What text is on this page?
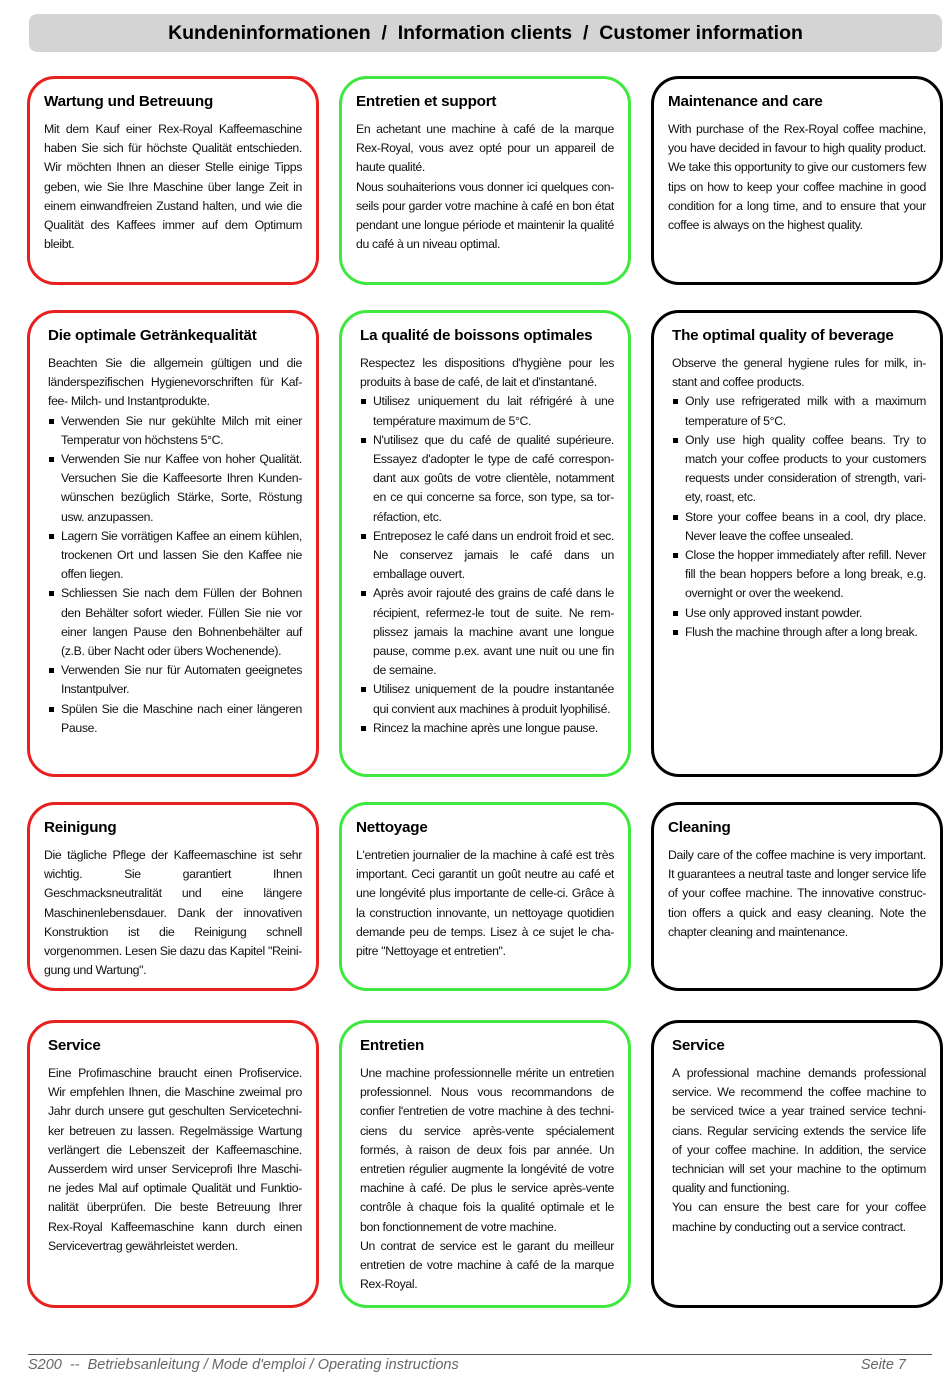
Kundeninformationen  /  Information clients  /  Customer information
Wartung und Betreuung

Mit dem Kauf einer Rex-Royal Kaffeemaschine haben Sie sich für höchste Qualität entschieden. Wir möchten Ihnen an dieser Stelle einige Tipps geben, wie Sie Ihre Maschine über lange Zeit in einem einwandfreien Zustand halten, und wie die Qualität des Kaffees immer auf dem Optimum bleibt.

Entretien et support

En achetant une machine à café de la marque Rex-Royal, vous avez opté pour un appareil de haute qualité.

Nous souhaiterions vous donner ici quelques con-seils pour garder votre machine à café en bon état pendant une longue période et maintenir la qualité du café à un niveau optimal.

Maintenance and care

With purchase of the Rex-Royal coffee machine, you have decided in favour to high quality product. We take this opportunity to give our customers few tips on how to keep your coffee machine in good condition for a long time, and to ensure that your coffee is always on the highest quality.

Die optimale Getränkequalität

Beachten Sie die allgemein gültigen und die länderspezifischen Hygienevorschriften für Kaf-fee- Milch- und Instantprodukte.

Verwenden Sie nur gekühlte Milch mit einer Temperatur von höchstens 5°C.
Verwenden Sie nur Kaffee von hoher Qualität. Versuchen Sie die Kaffeesorte Ihren Kunden-wünschen bezüglich Stärke, Sorte, Röstung usw. anzupassen.
Lagern Sie vorrätigen Kaffee an einem kühlen, trockenen Ort und lassen Sie den Kaffee nie offen liegen.
Schliessen Sie nach dem Füllen der Bohnen den Behälter sofort wieder. Füllen Sie nie vor einer langen Pause den Bohnenbehälter auf (z.B. über Nacht oder übers Wochenende).
Verwenden Sie nur für Automaten geeignetes Instantpulver.
Spülen Sie die Maschine nach einer längeren Pause.
La qualité de boissons optimales

Respectez les dispositions d'hygiène pour les produits à base de café, de lait et d'instantané.

Utilisez uniquement du lait réfrigéré à une température maximum de 5°C.
N'utilisez que du café de qualité supérieure. Essayez d'adopter le type de café correspon-dant aux goûts de votre clientèle, notamment en ce qui concerne sa force, son type, sa tor-réfaction, etc.
Entreposez le café dans un endroit froid et sec. Ne conservez jamais le café dans un emballage ouvert.
Après avoir rajouté des grains de café dans le récipient, refermez-le tout de suite. Ne rem-plissez jamais la machine avant une longue pause, comme p.ex. avant une nuit ou une fin de semaine.
Utilisez uniquement de la poudre instantanée qui convient aux machines à produit lyophilisé.
Rincez la machine après une longue pause.
The optimal quality of beverage

Observe the general hygiene rules for milk, in-stant and coffee products.

Only use refrigerated milk with a maximum temperature of 5°C.
Only use high quality coffee beans. Try to match your coffee products to your customers requests under consideration of strength, vari-ety, roast, etc.
Store your coffee beans in a cool, dry place. Never leave the coffee unsealed.
Close the hopper immediately after refill. Never fill the bean hoppers before a long break, e.g. overnight or over the weekend.
Use only approved instant powder.
Flush the machine through after a long break.
Reinigung

Die tägliche Pflege der Kaffeemaschine ist sehr wichtig. Sie garantiert Ihnen Geschmacksneutralität und eine längere Maschinenlebensdauer. Dank der innovativen Konstruktion ist die Reinigung schnell vorgenommen. Lesen Sie dazu das Kapitel "Reini-gung und Wartung".

Nettoyage

L'entretien journalier de la machine à café est très important. Ceci garantit un goût neutre au café et une longévité plus importante de celle-ci. Grâce à la construction innovante, un nettoyage quotidien demande peu de temps. Lisez à ce sujet le cha-pitre "Nettoyage et entretien".

Cleaning

Daily care of the coffee machine is very important. It guarantees a neutral taste and longer service life of your coffee machine. The innovative construc-tion offers a quick and easy cleaning. Note the chapter cleaning and maintenance.

Service

Eine Profimaschine braucht einen Profiservice. Wir empfehlen Ihnen, die Maschine zweimal pro Jahr durch unsere gut geschulten Servicetechni-ker betreuen zu lassen. Regelmässige Wartung verlängert die Lebenszeit der Kaffeemaschine. Ausserdem wird unser Serviceprofi Ihre Maschi-ne jedes Mal auf optimale Qualität und Funktio-nalität überprüfen. Die beste Betreuung Ihrer Rex-Royal Kaffeemaschine kann durch einen Servicevertrag gewährleistet werden.

Entretien

Une machine professionnelle mérite un entretien professionnel. Nous vous recommandons de confier l'entretien de votre machine à des techni-ciens du service après-vente spécialement formés, à raison de deux fois par année. Un entretien régulier augmente la longévité de votre machine à café. De plus le service après-vente contrôle à chaque fois la qualité optimale et le bon fonctionnement de votre machine.

Un contrat de service est le garant du meilleur entretien de votre machine à café de la marque Rex-Royal.

Service

A professional machine demands professional service. We recommend the coffee machine to be serviced twice a year trained service techni-cians. Regular servicing extends the service life of your coffee machine. In addition, the service technician will set your machine to the optimum quality and functioning.

You can ensure the best care for your coffee machine by conducting out a service contract.

S200  --  Betriebsanleitung / Mode d'emploi / Operating instructions	Seite 7
